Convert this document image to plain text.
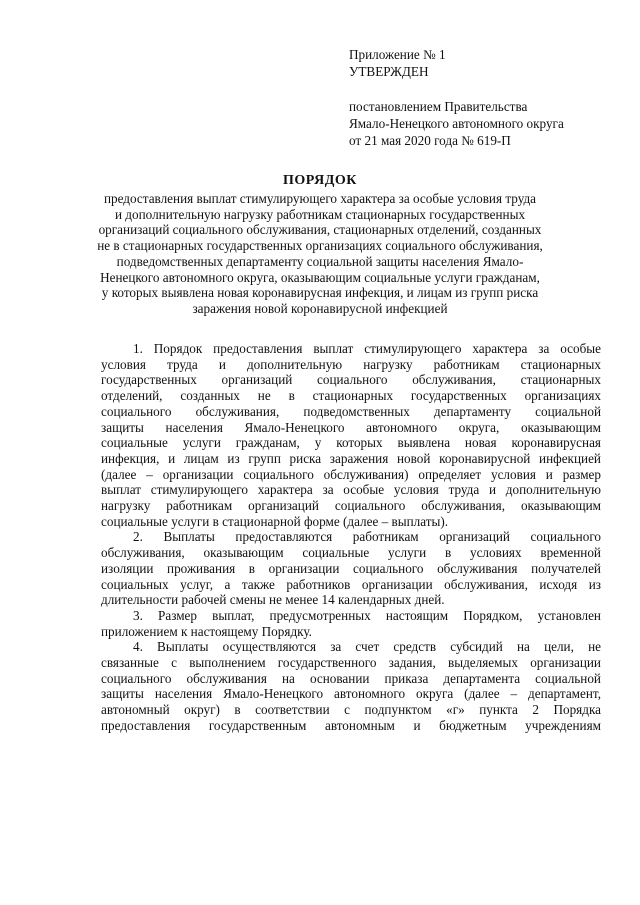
Приложение № 1
УТВЕРЖДЕН
постановлением Правительства
Ямало-Ненецкого автономного округа
от 21 мая 2020 года № 619-П
ПОРЯДОК
предоставления выплат стимулирующего характера за особые условия труда
и дополнительную нагрузку работникам стационарных государственных
организаций социального обслуживания, стационарных отделений, созданных
не в стационарных государственных организациях социального обслуживания,
подведомственных департаменту социальной защиты населения Ямало-
Ненецкого автономного округа, оказывающим социальные услуги гражданам,
у которых выявлена новая коронавирусная инфекция, и лицам из групп риска
заражения новой коронавирусной инфекцией
1. Порядок предоставления выплат стимулирующего характера за особые
условия труда и дополнительную нагрузку работникам стационарных
государственных организаций социального обслуживания, стационарных
отделений, созданных не в стационарных государственных организациях
социального обслуживания, подведомственных департаменту социальной
защиты населения Ямало-Ненецкого автономного округа, оказывающим
социальные услуги гражданам, у которых выявлена новая коронавирусная
инфекция, и лицам из групп риска заражения новой коронавирусной инфекцией
(далее – организации социального обслуживания) определяет условия и размер
выплат стимулирующего характера за особые условия труда и дополнительную
нагрузку работникам организаций социального обслуживания, оказывающим
социальные услуги в стационарной форме (далее – выплаты).
2. Выплаты предоставляются работникам организаций социального
обслуживания, оказывающим социальные услуги в условиях временной
изоляции проживания в организации социального обслуживания получателей
социальных услуг, а также работников организации обслуживания, исходя из
длительности рабочей смены не менее 14 календарных дней.
3. Размер выплат, предусмотренных настоящим Порядком, установлен
приложением к настоящему Порядку.
4. Выплаты осуществляются за счет средств субсидий на цели, не
связанные с выполнением государственного задания, выделяемых организации
социального обслуживания на основании приказа департамента социальной
защиты населения Ямало-Ненецкого автономного округа (далее – департамент,
автономный округ) в соответствии с подпунктом «г» пункта 2 Порядка
предоставления государственным автономным и бюджетным учреждениям
